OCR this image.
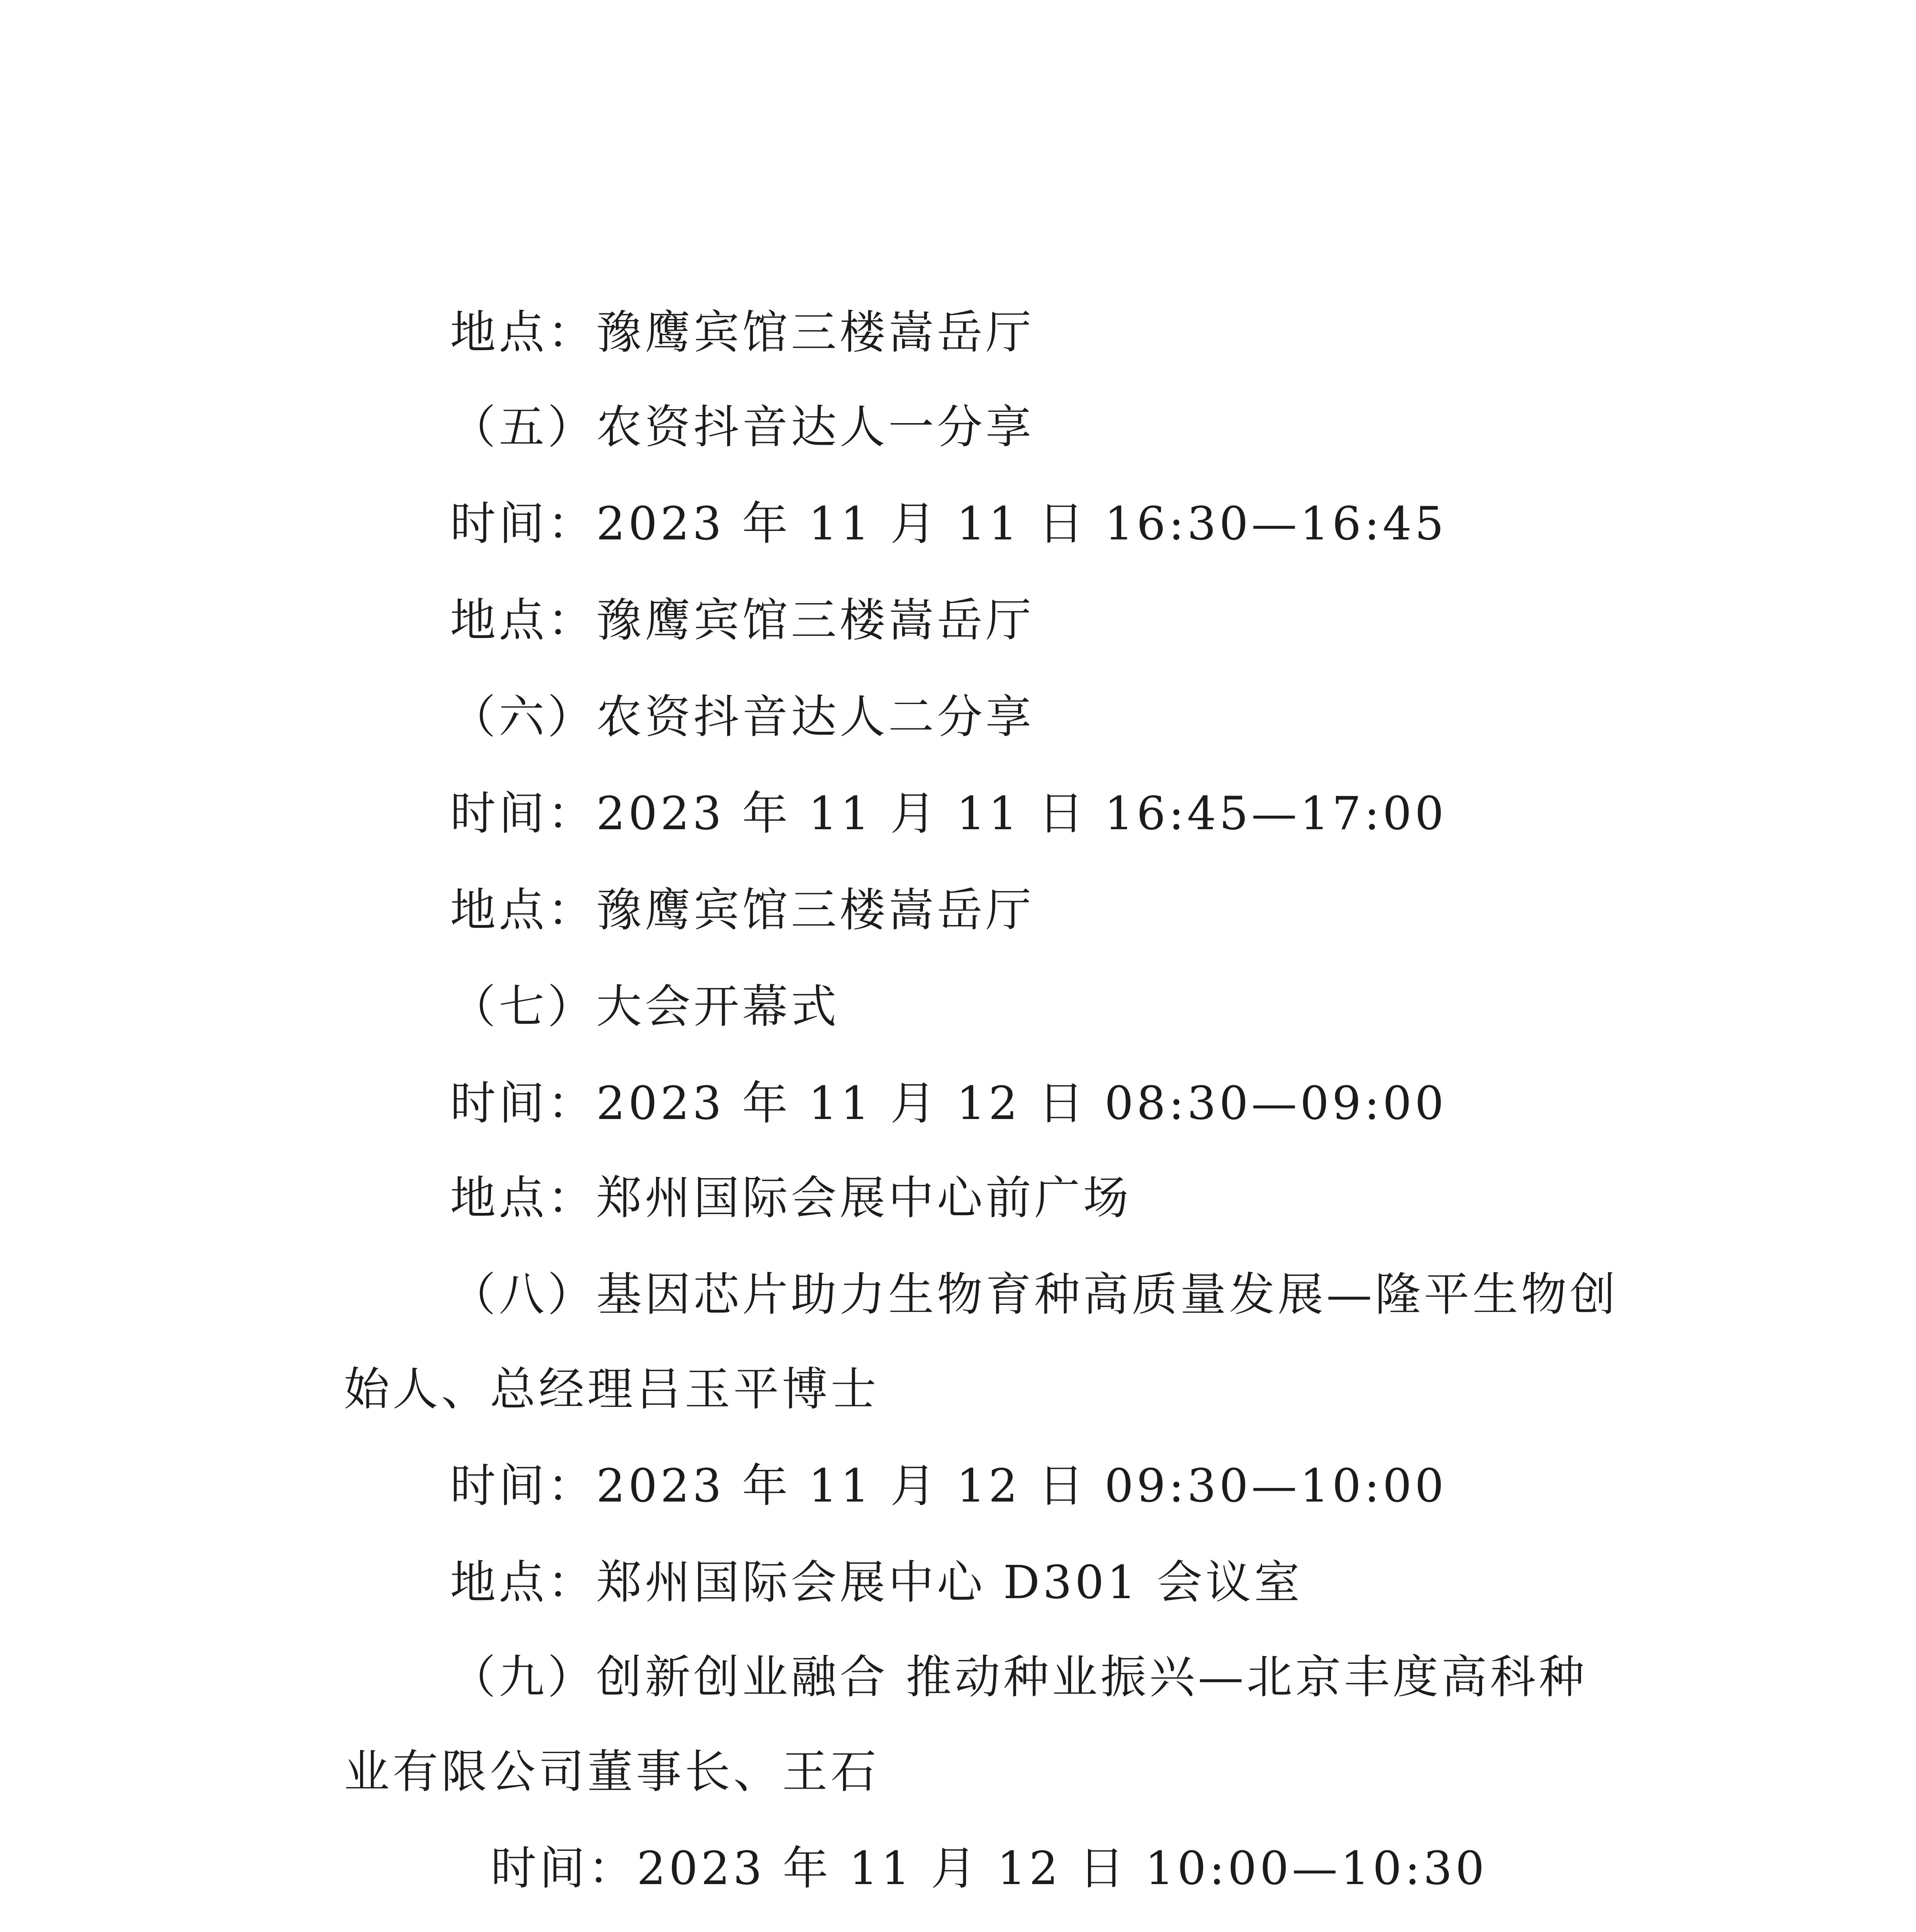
地点：豫鹰宾馆三楼嵩岳厅
（五）农资抖音达人一分享
时间：2023 年 11 月 11 日 16:30—16:45
地点：豫鹰宾馆三楼嵩岳厅
（六）农资抖音达人二分享
时间：2023 年 11 月 11 日 16:45—17:00
地点：豫鹰宾馆三楼嵩岳厅
（七）大会开幕式
时间：2023 年 11 月 12 日 08:30—09:00
地点：郑州国际会展中心前广场
（八）基因芯片助力生物育种高质量发展—隆平生物创
始人、总经理吕玉平博士
时间：2023 年 11 月 12 日 09:30—10:00
地点：郑州国际会展中心 D301 会议室
（九）创新创业融合 推动种业振兴—北京丰度高科种
业有限公司董事长、王石
时间：2023 年 11 月 12 日 10:00—10:30
